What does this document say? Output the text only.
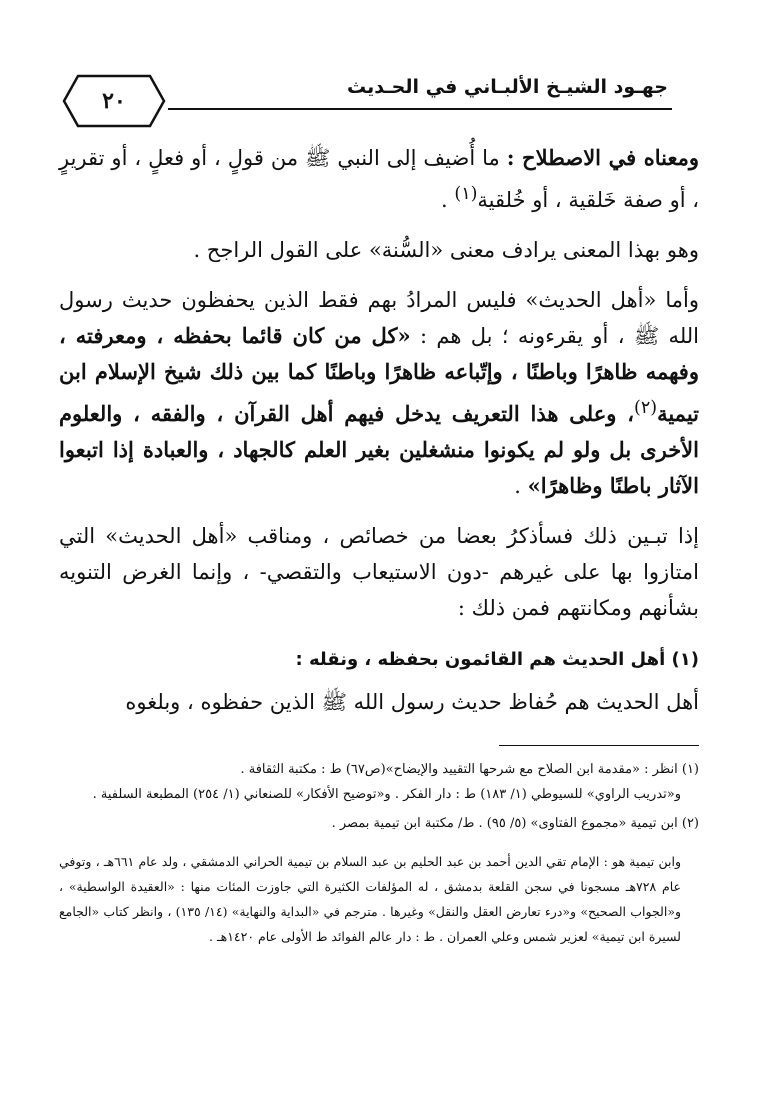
جهـود الشيـخ الألبـاني في الحـديث
٢٠

ومعناه في الاصطلاح : ما أُضيف إلى النبي ﷺ من قولٍ ، أو فعلٍ ، أو تقريرٍ ، أو صفة خَلقية ، أو خُلقية$^{(١)}$ .

وهو بهذا المعنى يرادف معنى «السُّنة» على القول الراجح .

وأما «أهل الحديث» فليس المرادُ بهم فقط الذين يحفظون حديث رسول الله ﷺ ، أو يقرءونه ؛ بل هم : «كل من كان قائما بحفظه ، ومعرفته ، وفهمه ظاهرًا وباطنًا ، وإتّباعه ظاهرًا وباطنًا كما بين ذلك شيخ الإسلام ابن تيمية$^{(٢)}$، وعلى هذا التعريف يدخل فيهم أهل القرآن ، والفقه ، والعلوم الأخرى بل ولو لم يكونوا منشغلين بغير العلم كالجهاد ، والعبادة إذا اتبعوا الآثار باطنًا وظاهرًا» .

إذا تبـين ذلك فسأذكرُ بعضا من خصائص ، ومناقب «أهل الحديث» التي امتازوا بها على غيرهم -دون الاستيعاب والتقصي- ، وإنما الغرض التنويه بشأنهم ومكانتهم فمن ذلك :

(١) أهل الحديث هم القائمون بحفظه ، ونقله :

أهل الحديث هم حُفاظ حديث رسول الله ﷺ الذين حفظوه ، وبلغوه

(١) انظر : «مقدمة ابن الصلاح مع شرحها التقييد والإيضاح»(ص٦٧) ط : مكتبة الثقافة .
و«تدريب الراوي» للسيوطي (١/ ١٨٣) ط : دار الفكر . و«توضيح الأفكار» للصنعاني (١/ ٢٥٤) المطبعة السلفية .

(٢) ابن تيمية «مجموع الفتاوى» (٥/ ٩٥) . ط/ مكتبة ابن تيمية بمصر .

وابن تيمية هو : الإمام تقي الدين أحمد بن عبد الحليم بن عبد السلام بن تيمية الحراني الدمشقي ، ولد عام ٦٦١هـ ، وتوفي عام ٧٢٨هـ مسجونا في سجن القلعة بدمشق ، له المؤلفات الكثيرة التي جاوزت المئات منها : «العقيدة الواسطية» ، و«الجواب الصحيح» و«درء تعارض العقل والنقل» وغيرها . مترجم في «البداية والنهاية» (١٤/ ١٣٥) ، وانظر كتاب «الجامع لسيرة ابن تيمية» لعزير شمس وعلي العمران . ط : دار عالم الفوائد ط الأولى عام ١٤٢٠هـ .
